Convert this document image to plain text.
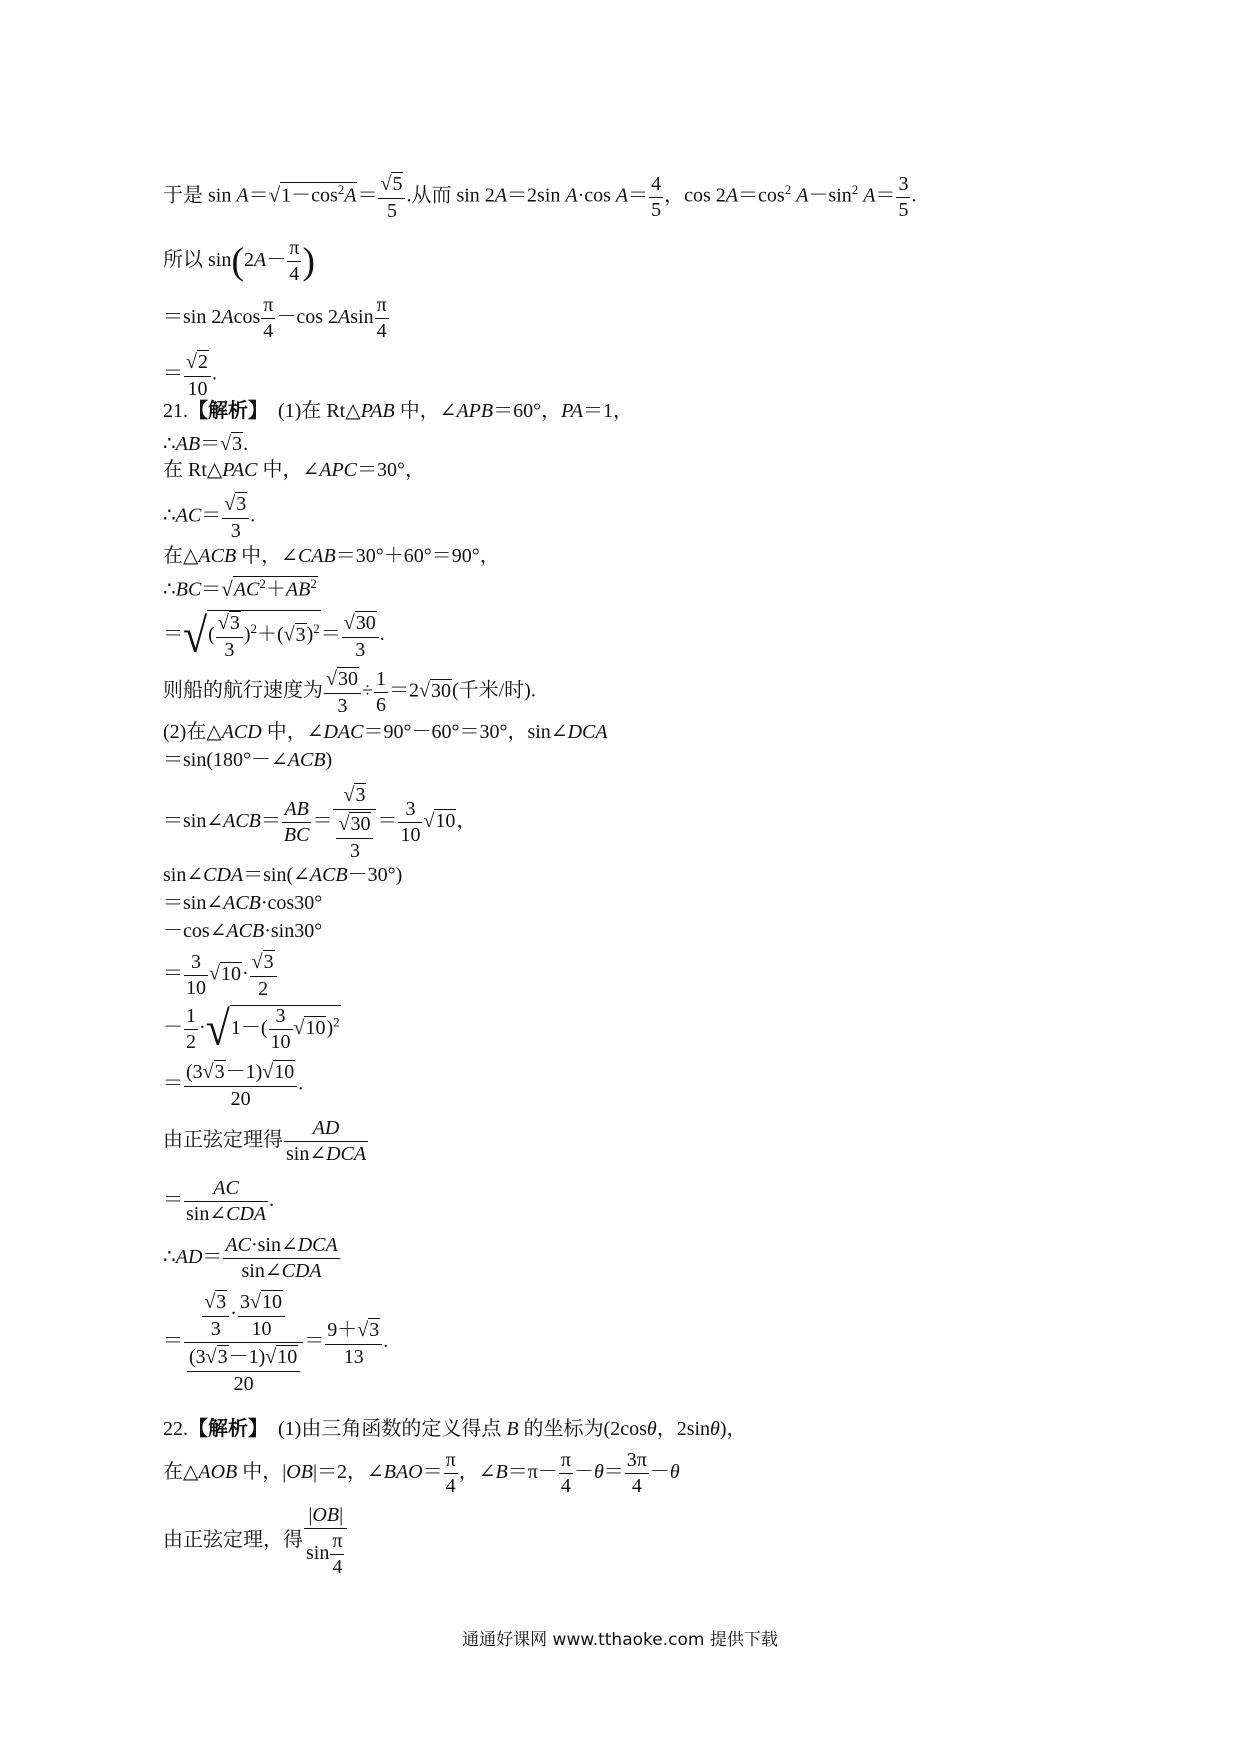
于是 $\sin A=√1-\cos^2A= \frac{√5}{5}$ .从而 sin 2A＝2sin A·cos $A= \frac{4}{5}$ ，$\cos 2A=\cos^2$ $A-\sin^2$ $A= \frac{3}{5}$ .
所以 $\sin(2A- \frac{\pi}{4}$ )
＝sin $2Acos \frac{\pi}{4} -\cos$ $2Asin \frac{\pi}{4}$
＝ $\frac{√2}{10}$ .
21.【解析】  (1)在 Rt△PAB 中，∠APB＝60°，PA＝1，
∴AB＝√3.
在 Rt△PAC 中，∠APC＝30°，
∴AC＝ $\frac{√3}{3}$ .
在△ACB 中，∠CAB＝30°＋60°＝90°，
$\therefore BC=√AC^2+AB^2$
＝√( $\frac{√3}{3} )^2+(√3)^2= \frac{√30}{3}$ .
则船的航行速度为 $\frac{√30}{3} \div \frac{1}{6} =2√30$(千米/时).
(2)在△ACD 中，∠DAC＝90°－60°＝30°，sin∠DCA
＝sin(180°－∠ACB)
＝sin∠ACB＝ $\frac{AB}{BC} = \frac{√3}{\frac{√30}{3}} = \frac{3}{10} √10$，
sin∠CDA＝sin(∠ACB－30°)
＝sin∠ACB·cos30°
－cos∠ACB·sin30°
＝ $\frac{3}{10} √10\cdot \frac{√3}{2}$
－ $\frac{1}{2} \cdot√1-( \frac{3}{10} √10)^2$
＝ $\frac{(3√3-1)√10}{20}$ .
由正弦定理得 $\frac{AD}{\text{sin∠DCA}}$
＝ $\frac{AC}{\text{sin∠CDA}}$ .
∴AD＝ $\frac{\text{AC·sin∠DCA}}{\text{sin∠CDA}}$
＝ $\frac{\frac{√3}{3} \cdot \frac{3√10}{10}}{\frac{(3√3-1)√10}{20}} = \frac{9+√3}{13}$ .
22.【解析】  (1)由三角函数的定义得点 B 的坐标为(2cosθ，2sinθ)，
在△AOB 中，|OB|＝2，∠BAO＝ $\frac{\pi}{4}$ ，∠B＝π－ $\frac{\pi}{4} -\theta= \frac{3\pi}{4} -\theta$
由正弦定理，得 $\frac{|OB|}{\sin \frac{\pi}{4}}$
通通好课网 www.tthaoke.com 提供下载
